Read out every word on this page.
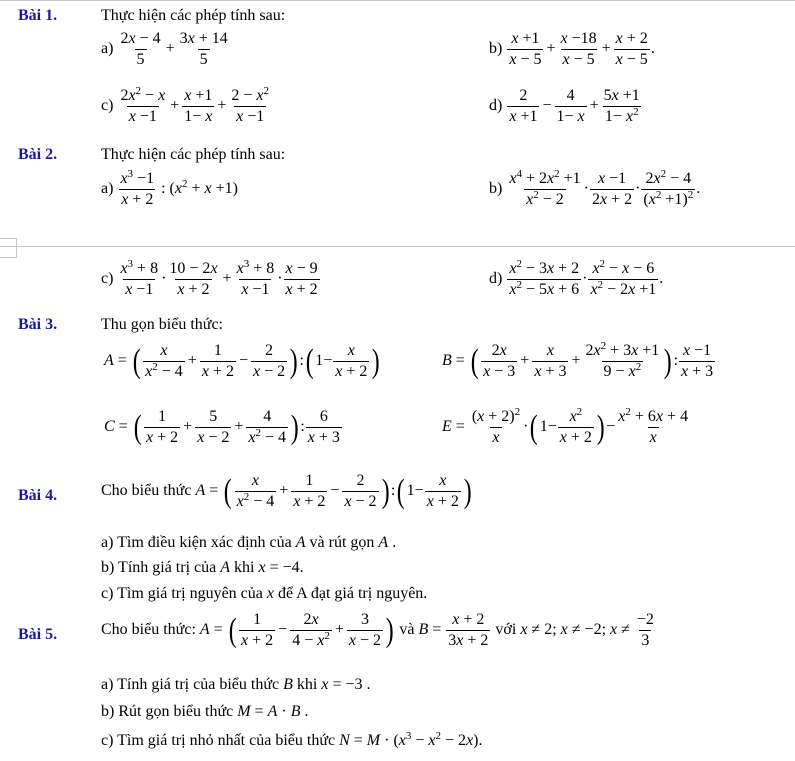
Bài 1.	Thực hiện các phép tính sau:
$a) \frac{2x - 4}{5} + \frac{3x + 14}{5}$	$b) \frac{x +1}{x - 5} + \frac{x -18}{x - 5} + \frac{x + 2}{x - 5}$ .
$c) \frac{2x^2 - x}{x -1} + \frac{x +1}{1- x} + \frac{2 - x^2}{x -1}$	$d) \frac{2}{x +1} - \frac{4}{1- x} + \frac{5x +1}{1- x^2}$
Bài 2.	Thực hiện các phép tính sau:
$a) \frac{x^3 -1}{x + 2}$ : $(x^2 + x +1)$	$b) \frac{x^4 + 2x^2 +1}{x^2 - 2} \cdot \frac{x -1}{2x + 2} \cdot \frac{2x^2 - 4}{(x^2 +1)^2}$ .
$c) \frac{x^3 + 8}{x -1} \cdot \frac{10 - 2x}{x + 2} + \frac{x^3 + 8}{x -1} \cdot \frac{x - 9}{x + 2}$	$d) \frac{x^2 - 3x + 2}{x^2 - 5x + 6} \cdot \frac{x^2 - x - 6}{x^2 - 2x +1}$ .
Bài 3.	Thu gọn biểu thức:
A = ( $\frac{x}{x^2 - 4} + \frac{1}{x + 2} - \frac{2}{x - 2}$ ) :( $1- \frac{x}{x + 2}$ )	B = ( $\frac{2x}{x - 3} + \frac{x}{x + 3} + \frac{2x^2 + 3x +1}{9 - x^2}$ ) : $\frac{x -1}{x + 3}$
C = ( $\frac{1}{x + 2} + \frac{5}{x - 2} + \frac{4}{x^2 - 4}$ ) : $\frac{6}{x + 3}$	$E = \frac{(x + 2)^2}{x}$ ·( $1- \frac{x^2}{x + 2}$ ) − $\frac{x^2 + 6x + 4}{x}$
Bài 4.	Cho biểu thức A = ( $\frac{x}{x^2 - 4} + \frac{1}{x + 2} - \frac{2}{x - 2}$ ) :( $1- \frac{x}{x + 2}$ )
a) Tìm điều kiện xác định của A và rút gọn A .
b) Tính giá trị của A khi x = −4.
c) Tìm giá trị nguyên của x để A đạt giá trị nguyên.
Bài 5.	Cho biểu thức: A = ( $\frac{1}{x + 2} - \frac{2x}{4 - x^2} + \frac{3}{x - 2}$ ) và $B = \frac{x + 2}{3x + 2}$ với x ≠ 2; x ≠ −2; $x \ne \frac{-2}{3}$
a) Tính giá trị của biểu thức B khi x = −3 .
b) Rút gọn biểu thức M = A · B .
c) Tìm giá trị nhỏ nhất của biểu thức $N = M \cdot (x^3 - x^2 - 2x)$.
